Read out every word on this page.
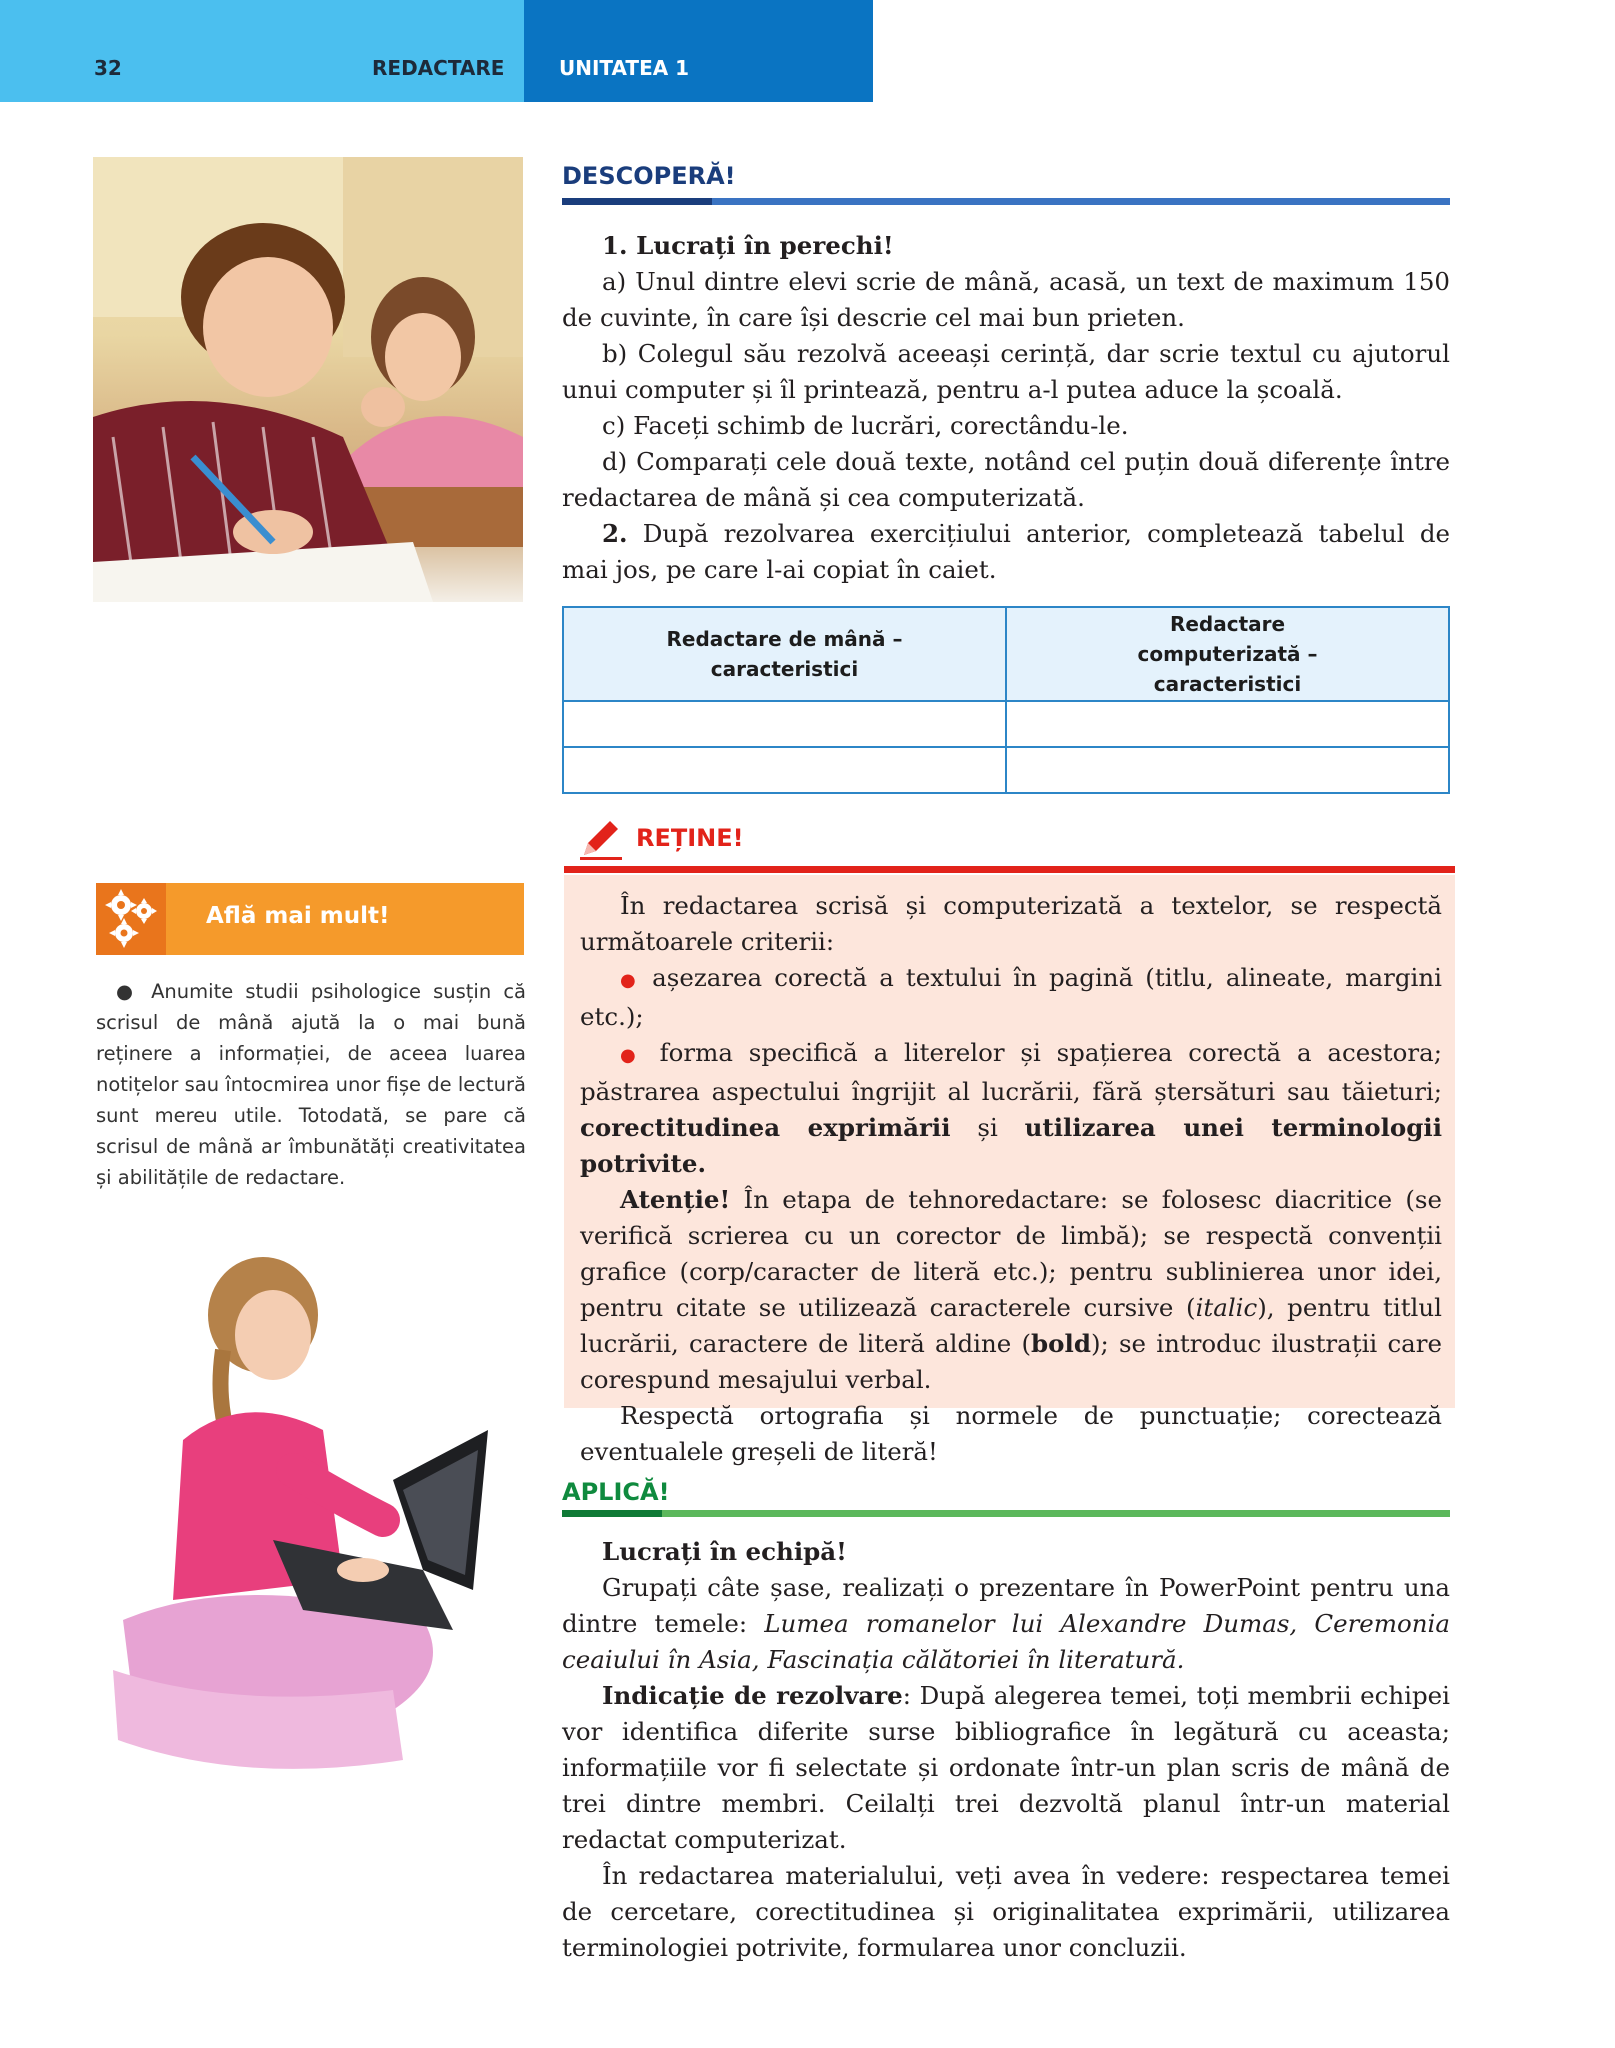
32	REDACTARE	UNITATEA 1
DESCOPERĂ!

1. Lucrați în perechi!

a) Unul dintre elevi scrie de mână, acasă, un text de maximum 150 de cuvinte, în care își descrie cel mai bun prieten.

b) Colegul său rezolvă aceeași cerință, dar scrie textul cu ajutorul unui computer și îl printează, pentru a-l putea aduce la școală.

c) Faceți schimb de lucrări, corectându-le.

d) Comparați cele două texte, notând cel puțin două diferențe între redactarea de mână și cea computerizată.

2. După rezolvarea exercițiului anterior, completează tabelul de mai jos, pe care l-ai copiat în caiet.

Redactare de mână – caracteristici	Redactare computerizată – caracteristici

REȚINE!

În redactarea scrisă și computerizată a textelor, se respectă următoarele criterii:

● așezarea corectă a textului în pagină (titlu, alineate, margini etc.);

● forma specifică a literelor și spațierea corectă a acestora; păstrarea aspectului îngrijit al lucrării, fără ștersături sau tăieturi; corectitudinea exprimării și utilizarea unei terminologii potrivite.

Atenție! În etapa de tehnoredactare: se folosesc diacritice (se verifică scrierea cu un corector de limbă); se respectă convenții grafice (corp/caracter de literă etc.); pentru sublinierea unor idei, pentru citate se utilizează caracterele cursive (italic), pentru titlul lucrării, caractere de literă aldine (bold); se introduc ilustrații care corespund mesajului verbal.

Respectă ortografia și normele de punctuație; corectează eventualele greșeli de literă!

Află mai mult!

● Anumite studii psihologice susțin că scrisul de mână ajută la o mai bună reținere a informației, de aceea luarea notițelor sau întocmirea unor fișe de lectură sunt mereu utile. Totodată, se pare că scrisul de mână ar îmbunătăți creativitatea și abilitățile de redactare.

APLICĂ!

Lucrați în echipă!

Grupați câte șase, realizați o prezentare în PowerPoint pentru una dintre temele: Lumea romanelor lui Alexandre Dumas, Ceremonia ceaiului în Asia, Fascinația călătoriei în literatură.

Indicație de rezolvare: După alegerea temei, toți membrii echipei vor identifica diferite surse bibliografice în legătură cu aceasta; informațiile vor fi selectate și ordonate într-un plan scris de mână de trei dintre membri. Ceilalți trei dezvoltă planul într-un material redactat computerizat.

În redactarea materialului, veți avea în vedere: respectarea temei de cercetare, corectitudinea și originalitatea exprimării, utilizarea terminologiei potrivite, formularea unor concluzii.
